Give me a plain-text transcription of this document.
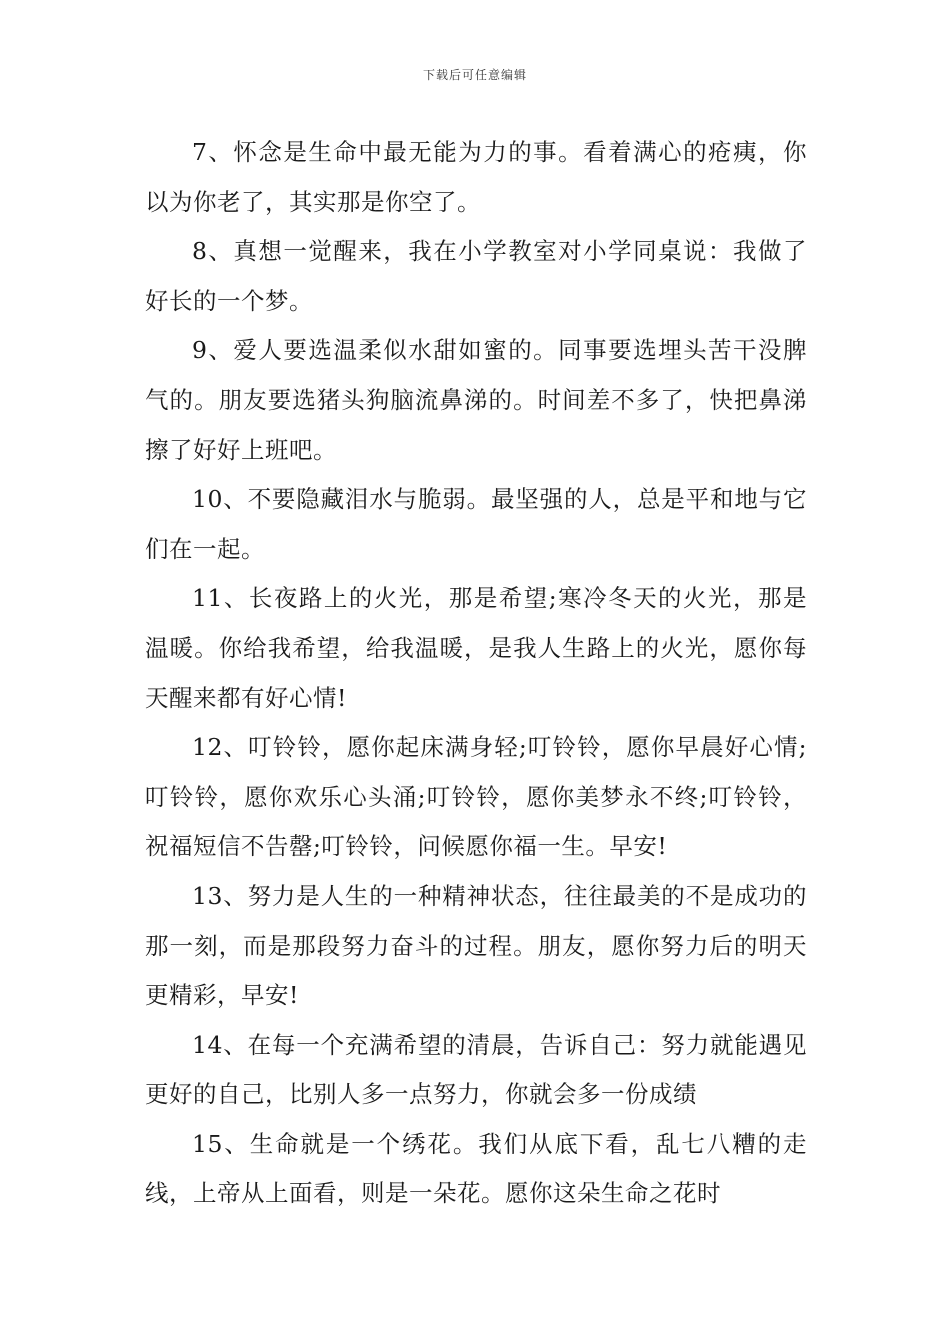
下载后可任意编辑

7、怀念是生命中最无能为力的事。看着满心的疮痍，你以为你老了，其实那是你空了。

8、真想一觉醒来，我在小学教室对小学同桌说：我做了好长的一个梦。

9、爱人要选温柔似水甜如蜜的。同事要选埋头苦干没脾气的。朋友要选猪头狗脑流鼻涕的。时间差不多了，快把鼻涕擦了好好上班吧。

10、不要隐藏泪水与脆弱。最坚强的人，总是平和地与它们在一起。

11、长夜路上的火光，那是希望;寒冷冬天的火光，那是温暖。你给我希望，给我温暖，是我人生路上的火光，愿你每天醒来都有好心情!

12、叮铃铃，愿你起床满身轻;叮铃铃，愿你早晨好心情;叮铃铃，愿你欢乐心头涌;叮铃铃，愿你美梦永不终;叮铃铃，祝福短信不告罄;叮铃铃，问候愿你福一生。早安!

13、努力是人生的一种精神状态，往往最美的不是成功的那一刻，而是那段努力奋斗的过程。朋友，愿你努力后的明天更精彩，早安!

14、在每一个充满希望的清晨，告诉自己：努力就能遇见更好的自己，比别人多一点努力，你就会多一份成绩

15、生命就是一个绣花。我们从底下看，乱七八糟的走线，上帝从上面看，则是一朵花。愿你这朵生命之花时
